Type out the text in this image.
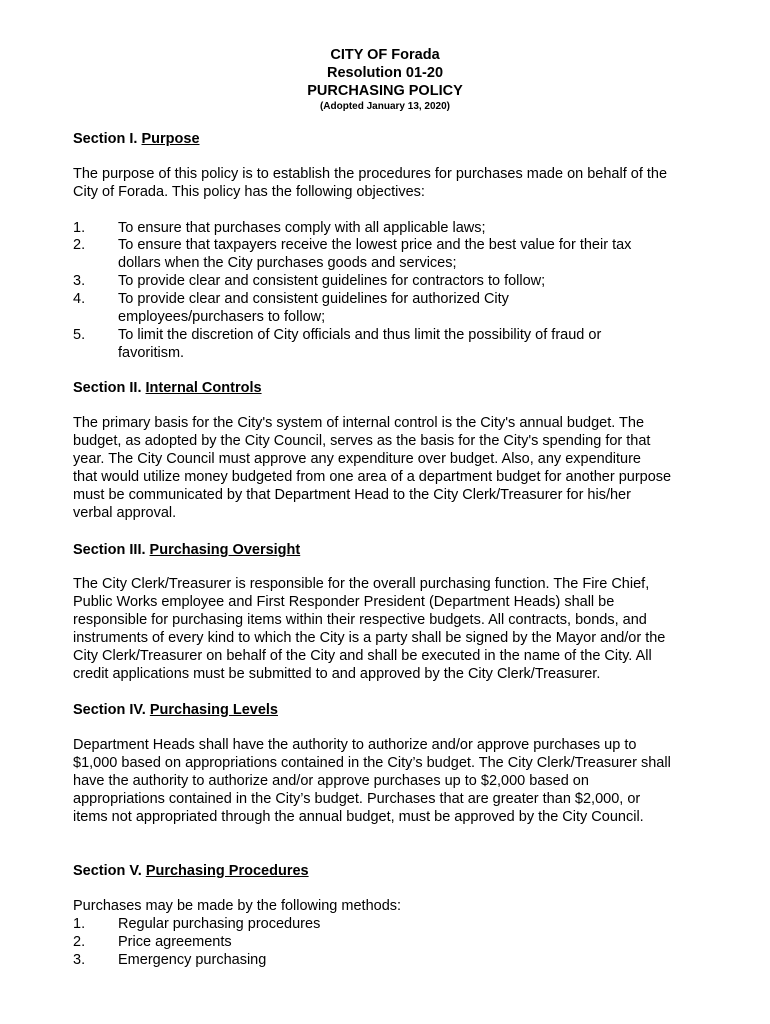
CITY OF Forada
Resolution 01-20
PURCHASING POLICY
(Adopted January 13, 2020)
Section I. Purpose
The purpose of this policy is to establish the procedures for purchases made on behalf of the
City of Forada. This policy has the following objectives:
1. To ensure that purchases comply with all applicable laws;
2. To ensure that taxpayers receive the lowest price and the best value for their tax
dollars when the City purchases goods and services;
3. To provide clear and consistent guidelines for contractors to follow;
4. To provide clear and consistent guidelines for authorized City
employees/purchasers to follow;
5. To limit the discretion of City officials and thus limit the possibility of fraud or
favoritism.
Section II. Internal Controls
The primary basis for the City's system of internal control is the City's annual budget. The
budget, as adopted by the City Council, serves as the basis for the City's spending for that
year. The City Council must approve any expenditure over budget. Also, any expenditure
that would utilize money budgeted from one area of a department budget for another purpose
must be communicated by that Department Head to the City Clerk/Treasurer for his/her
verbal approval.
Section III. Purchasing Oversight
The City Clerk/Treasurer is responsible for the overall purchasing function. The Fire Chief,
Public Works employee and First Responder President (Department Heads) shall be
responsible for purchasing items within their respective budgets. All contracts, bonds, and
instruments of every kind to which the City is a party shall be signed by the Mayor and/or the
City Clerk/Treasurer on behalf of the City and shall be executed in the name of the City. All
credit applications must be submitted to and approved by the City Clerk/Treasurer.
Section IV. Purchasing Levels
Department Heads shall have the authority to authorize and/or approve purchases up to
$1,000 based on appropriations contained in the City’s budget. The City Clerk/Treasurer shall
have the authority to authorize and/or approve purchases up to $2,000 based on
appropriations contained in the City’s budget. Purchases that are greater than $2,000, or
items not appropriated through the annual budget, must be approved by the City Council.
Section V. Purchasing Procedures
Purchases may be made by the following methods:
1. Regular purchasing procedures
2. Price agreements
3. Emergency purchasing
